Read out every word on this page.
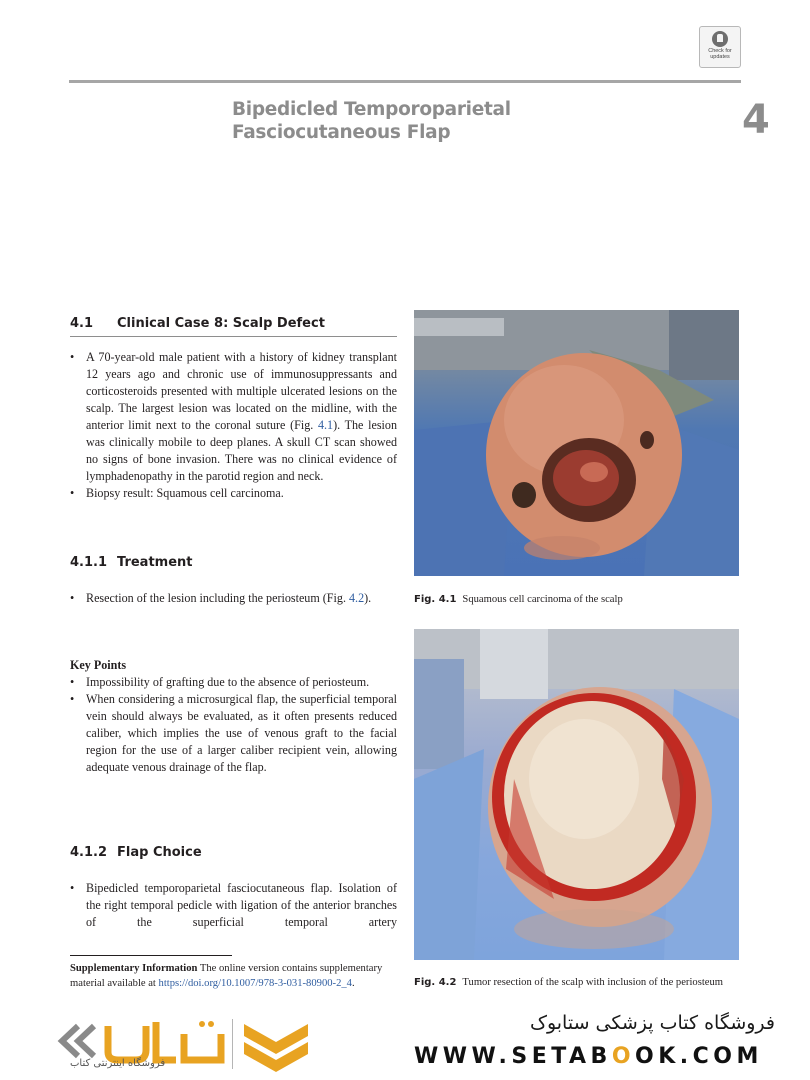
Check for
updates
Bipedicled Temporoparietal
Fasciocutaneous Flap	4
4.1 Clinical Case 8: Scalp Defect

• A 70-year-old male patient with a history of kidney transplant 12 years ago and chronic use of immunosuppressants and corticosteroids presented with multiple ulcerated lesions on the scalp. The largest lesion was located on the midline, with the anterior limit next to the coronal suture (Fig. 4.1). The lesion was clinically mobile to deep planes. A skull CT scan showed no signs of bone invasion. There was no clinical evidence of lymphadenopathy in the parotid region and neck.

• Biopsy result: Squamous cell carcinoma.

4.1.1 Treatment

• Resection of the lesion including the periosteum (Fig. 4.2).

Key Points

• Impossibility of grafting due to the absence of periosteum.

• When considering a microsurgical flap, the superficial temporal vein should always be evaluated, as it often presents reduced caliber, which implies the use of venous graft to the facial region for the use of a larger caliber recipient vein, allowing adequate venous drainage of the flap.

4.1.2 Flap Choice

• Bipedicled temporoparietal fasciocutaneous flap. Isolation of the right temporal pedicle with ligation of the anterior branches of the superficial temporal artery

Supplementary Information The online version contains supplementary material available at https://doi.org/10.1007/978-3-031-80900-2_4.
Fig. 4.1 Squamous cell carcinoma of the scalp
Fig. 4.2 Tumor resection of the scalp with inclusion of the periosteum
فروشگاه اینترنتی کتاب
فروشگاه کتاب پزشکی ستابوک
WWW.SETABOOK.COM
